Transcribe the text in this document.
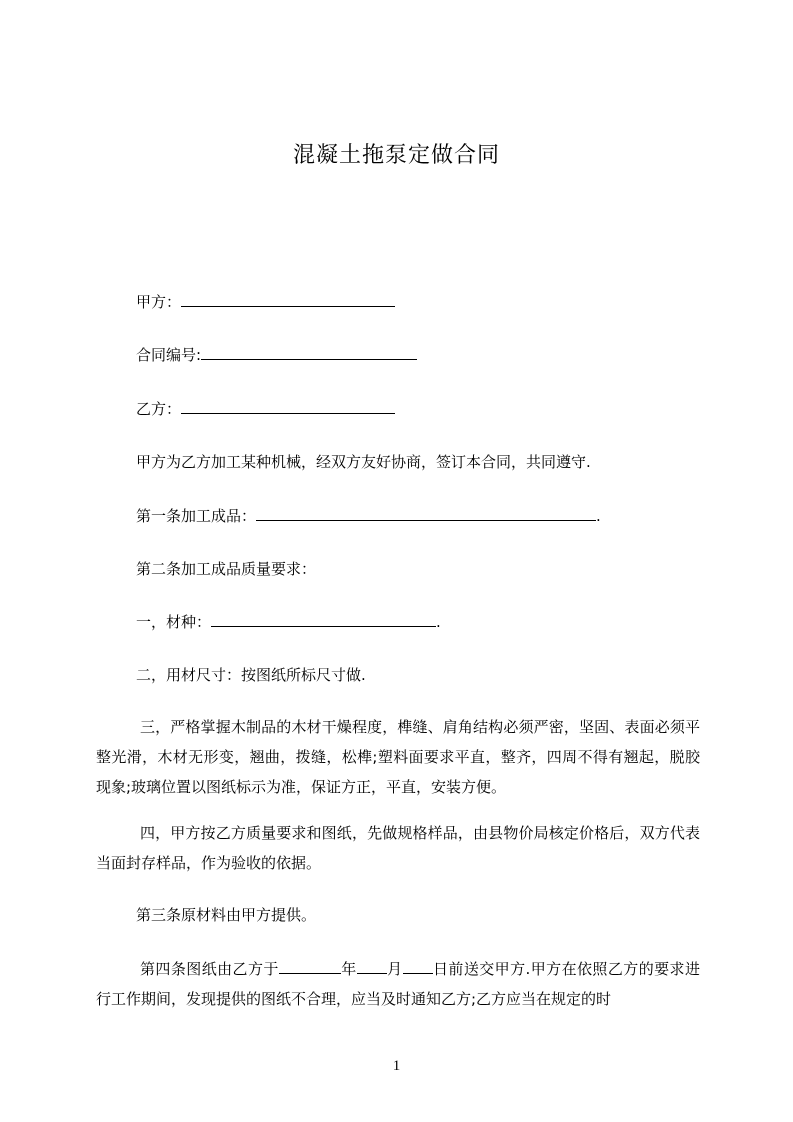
混凝土拖泵定做合同
甲方：
合同编号:
乙方：
甲方为乙方加工某种机械，经双方友好协商，签订本合同，共同遵守.
第一条加工成品：	.
第二条加工成品质量要求：
一，材种：	.
二，用材尺寸：按图纸所标尺寸做.
三，严格掌握木制品的木材干燥程度，榫缝、肩角结构必须严密，坚固、表面必须平整光滑，木材无形变，翘曲，拨缝，松榫;塑料面要求平直，整齐，四周不得有翘起，脱胶现象;玻璃位置以图纸标示为准，保证方正，平直，安装方便。
四，甲方按乙方质量要求和图纸，先做规格样品，由县物价局核定价格后，双方代表当面封存样品，作为验收的依据。
第三条原材料由甲方提供。
第四条图纸由乙方于	年 月 日前送交甲方.甲方在依照乙方的要求进行工作期间，发现提供的图纸不合理，应当及时通知乙方;乙方应当在规定的时
1
